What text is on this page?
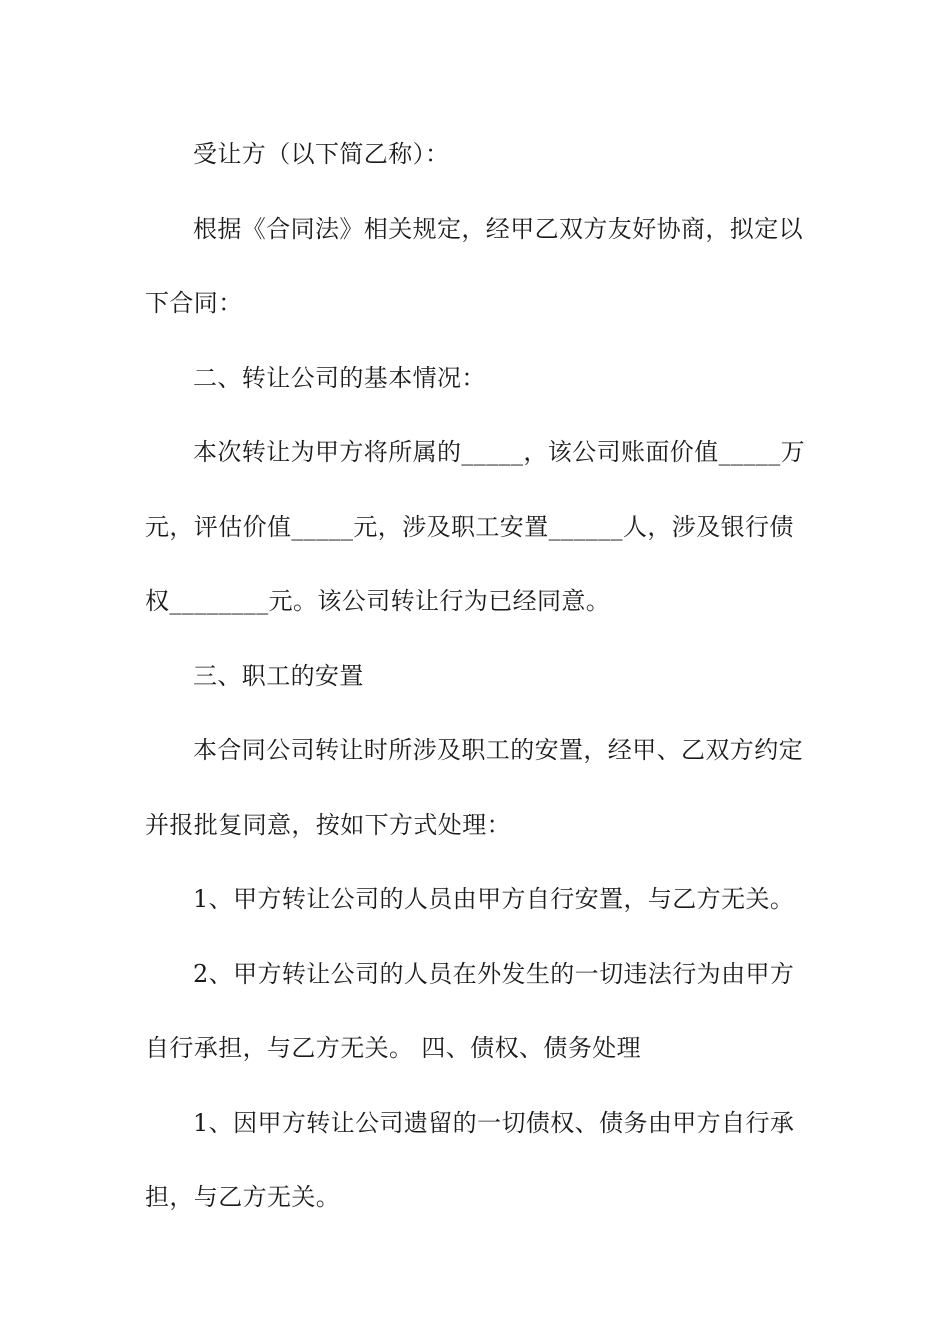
受让方（以下简乙称）：

根据《合同法》相关规定，经甲乙双方友好协商，拟定以下合同：

二、转让公司的基本情况：

本次转让为甲方将所属的_____，该公司账面价值_____万元，评估价值_____元，涉及职工安置______人，涉及银行债权________元。该公司转让行为已经同意。

三、职工的安置

本合同公司转让时所涉及职工的安置，经甲、乙双方约定并报批复同意，按如下方式处理：

1、甲方转让公司的人员由甲方自行安置，与乙方无关。

2、甲方转让公司的人员在外发生的一切违法行为由甲方自行承担，与乙方无关。 四、债权、债务处理

1、因甲方转让公司遗留的一切债权、债务由甲方自行承担，与乙方无关。
